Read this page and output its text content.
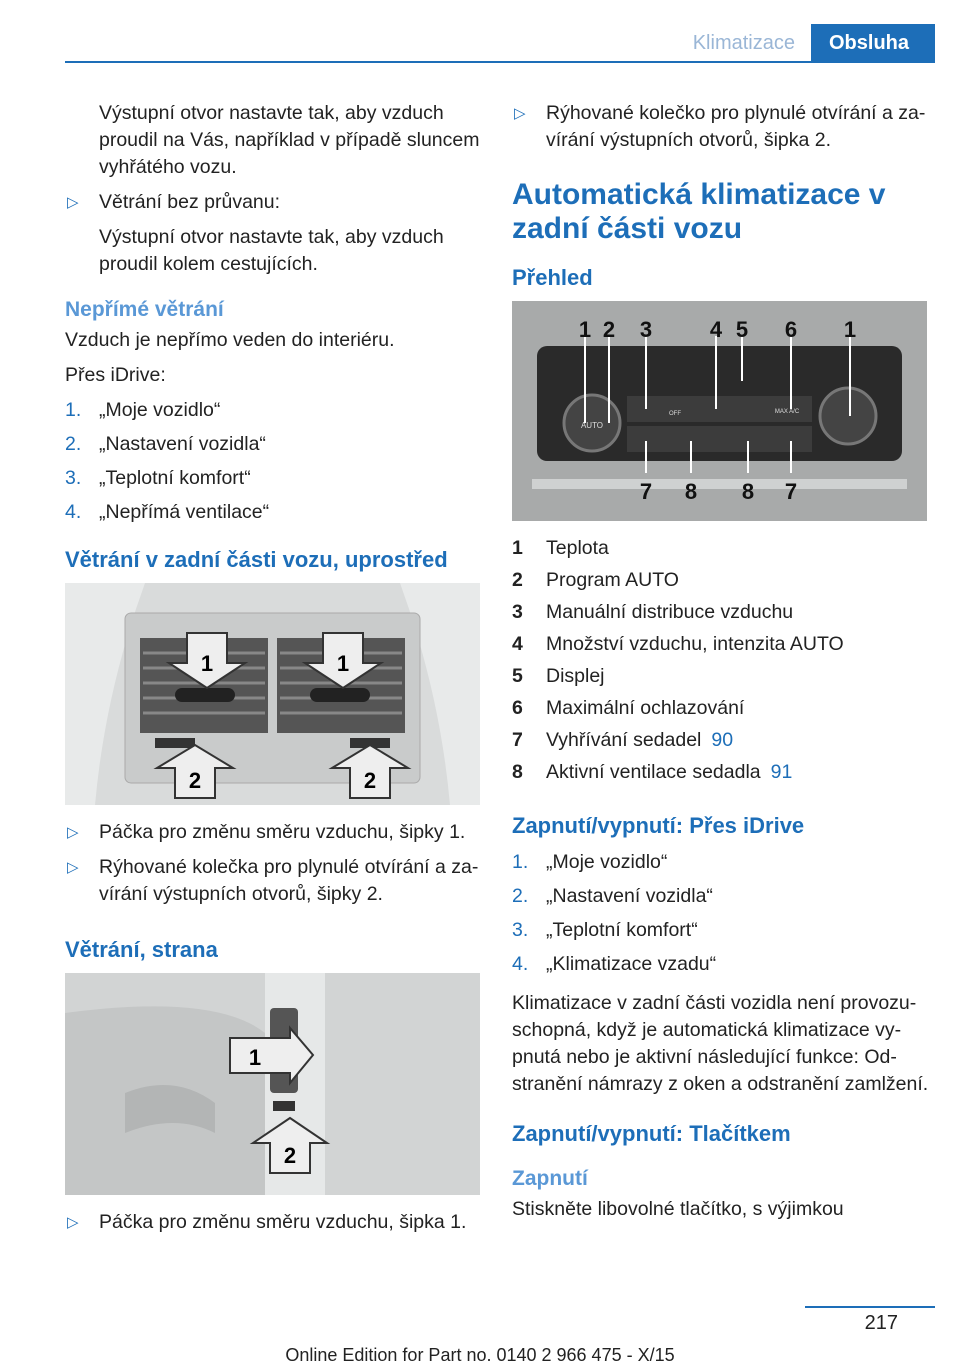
Klimatizace	Obsluha

Výstupní otvor nastavte tak, aby vzduch proudil na Vás, například v případě sluncem vyhřátého vozu.

▷ Větrání bez průvanu:

Výstupní otvor nastavte tak, aby vzduch proudil kolem cestujících.

Nepřímé větrání

Vzduch je nepřímo veden do interiéru.

Přes iDrive:

1. „Moje vozidlo“
2. „Nastavení vozidla“
3. „Teplotní komfort“
4. „Nepřímá ventilace“
Větrání v zadní části vozu, uprostřed
1	1
2	2
▷ Páčka pro změnu směru vzduchu, šipky 1.
▷ Rýhované kolečka pro plynulé otvírání a zavírání výstupních otvorů, šipky 2.
Větrání, strana
1
2
▷ Páčka pro změnu směru vzduchu, šipka 1.
▷ Rýhované kolečko pro plynulé otvírání a zavírání výstupních otvorů, šipka 2.
Automatická klimatizace v zadní části vozu
Přehled
AUTO
OFF	MAX A/C
1 2 3	4 5 6 1
7 8 8 7
1	Teplota
2	Program AUTO
3	Manuální distribuce vzduchu
4	Množství vzduchu, intenzita AUTO
5	Displej
6	Maximální ochlazování
7	Vyhřívání sedadel 90
8	Aktivní ventilace sedadla 91
Zapnutí/vypnutí: Přes iDrive
1. „Moje vozidlo“
2. „Nastavení vozidla“
3. „Teplotní komfort“
4. „Klimatizace vzadu“

Klimatizace v zadní části vozidla není provozuschopná, když je automatická klimatizace vypnutá nebo je aktivní následující funkce: Odstranění námrazy z oken a odstranění zamlžení.

Zapnutí/vypnutí: Tlačítkem
Zapnutí

Stiskněte libovolné tlačítko, s výjimkou

217
Online Edition for Part no. 0140 2 966 475 - X/15
